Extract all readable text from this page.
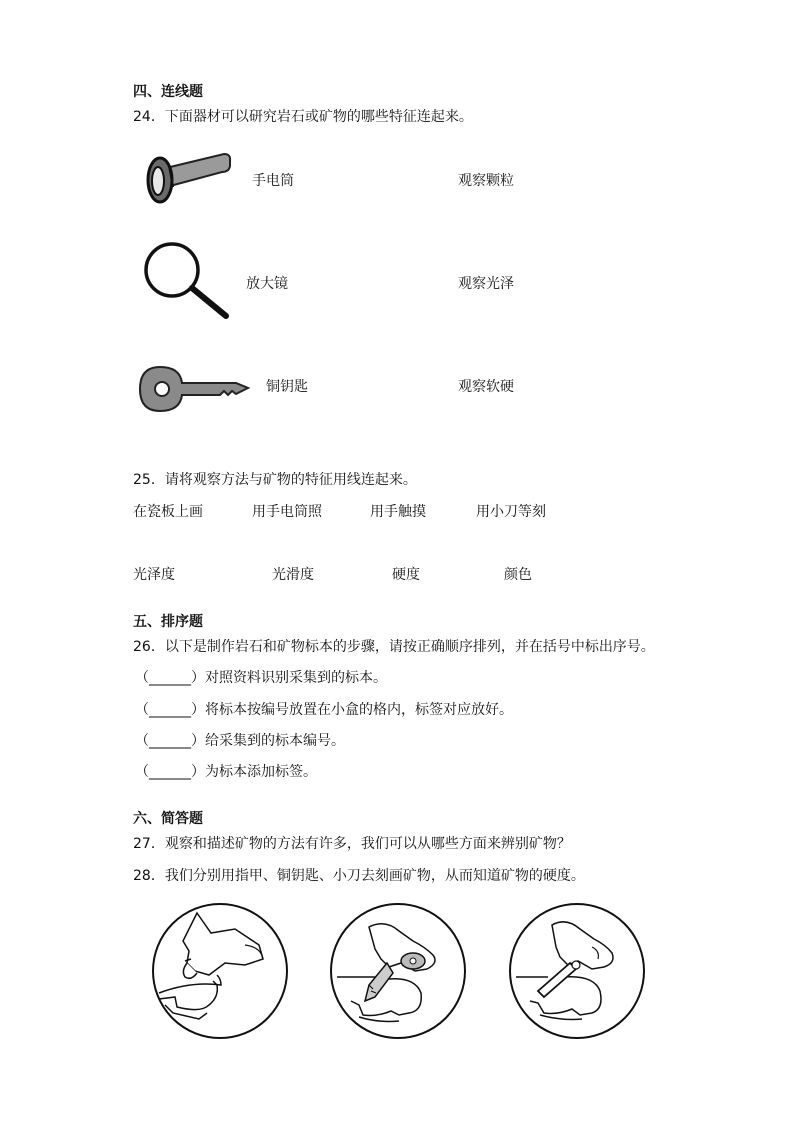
四、连线题
24．下面器材可以研究岩石或矿物的哪些特征连起来。
手电筒	观察颗粒
放大镜	观察光泽
铜钥匙	观察软硬
25．请将观察方法与矿物的特征用线连起来。
在瓷板上画	用手电筒照	用手触摸	用小刀等刻
光泽度	光滑度	硬度	颜色
五、排序题
26．以下是制作岩石和矿物标本的步骤，请按正确顺序排列，并在括号中标出序号。
（______）对照资料识别采集到的标本。
（______）将标本按编号放置在小盒的格内，标签对应放好。
（______）给采集到的标本编号。
（______）为标本添加标签。
六、简答题
27．观察和描述矿物的方法有许多，我们可以从哪些方面来辨别矿物？
28．我们分别用指甲、铜钥匙、小刀去刻画矿物，从而知道矿物的硬度。
